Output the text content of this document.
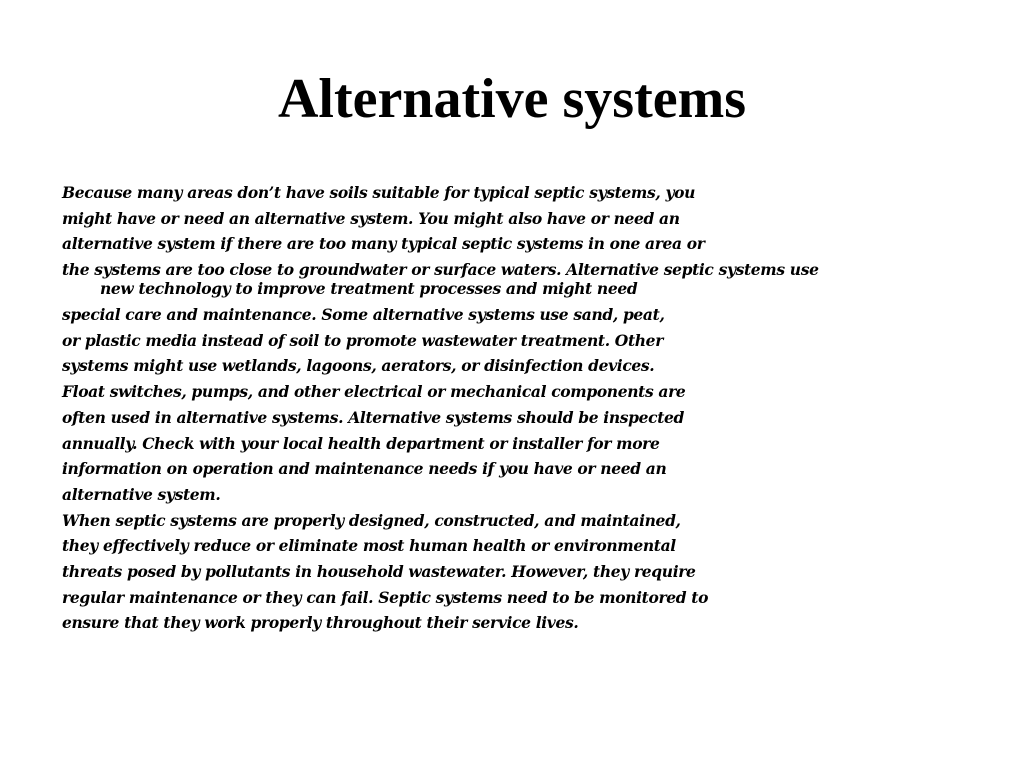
Alternative systems
Because many areas don’t have soils suitable for typical septic systems, you
might have or need an alternative system. You might also have or need an
alternative system if there are too many typical septic systems in one area or
the systems are too close to groundwater or surface waters. Alternative septic systems use
new technology to improve treatment processes and might need
special care and maintenance. Some alternative systems use sand, peat,
or plastic media instead of soil to promote wastewater treatment. Other
systems might use wetlands, lagoons, aerators, or disinfection devices.
Float switches, pumps, and other electrical or mechanical components are
often used in alternative systems. Alternative systems should be inspected
annually. Check with your local health department or installer for more
information on operation and maintenance needs if you have or need an
alternative system.
When septic systems are properly designed, constructed, and maintained,
they effectively reduce or eliminate most human health or environmental
threats posed by pollutants in household wastewater. However, they require
regular maintenance or they can fail. Septic systems need to be monitored to
ensure that they work properly throughout their service lives.
